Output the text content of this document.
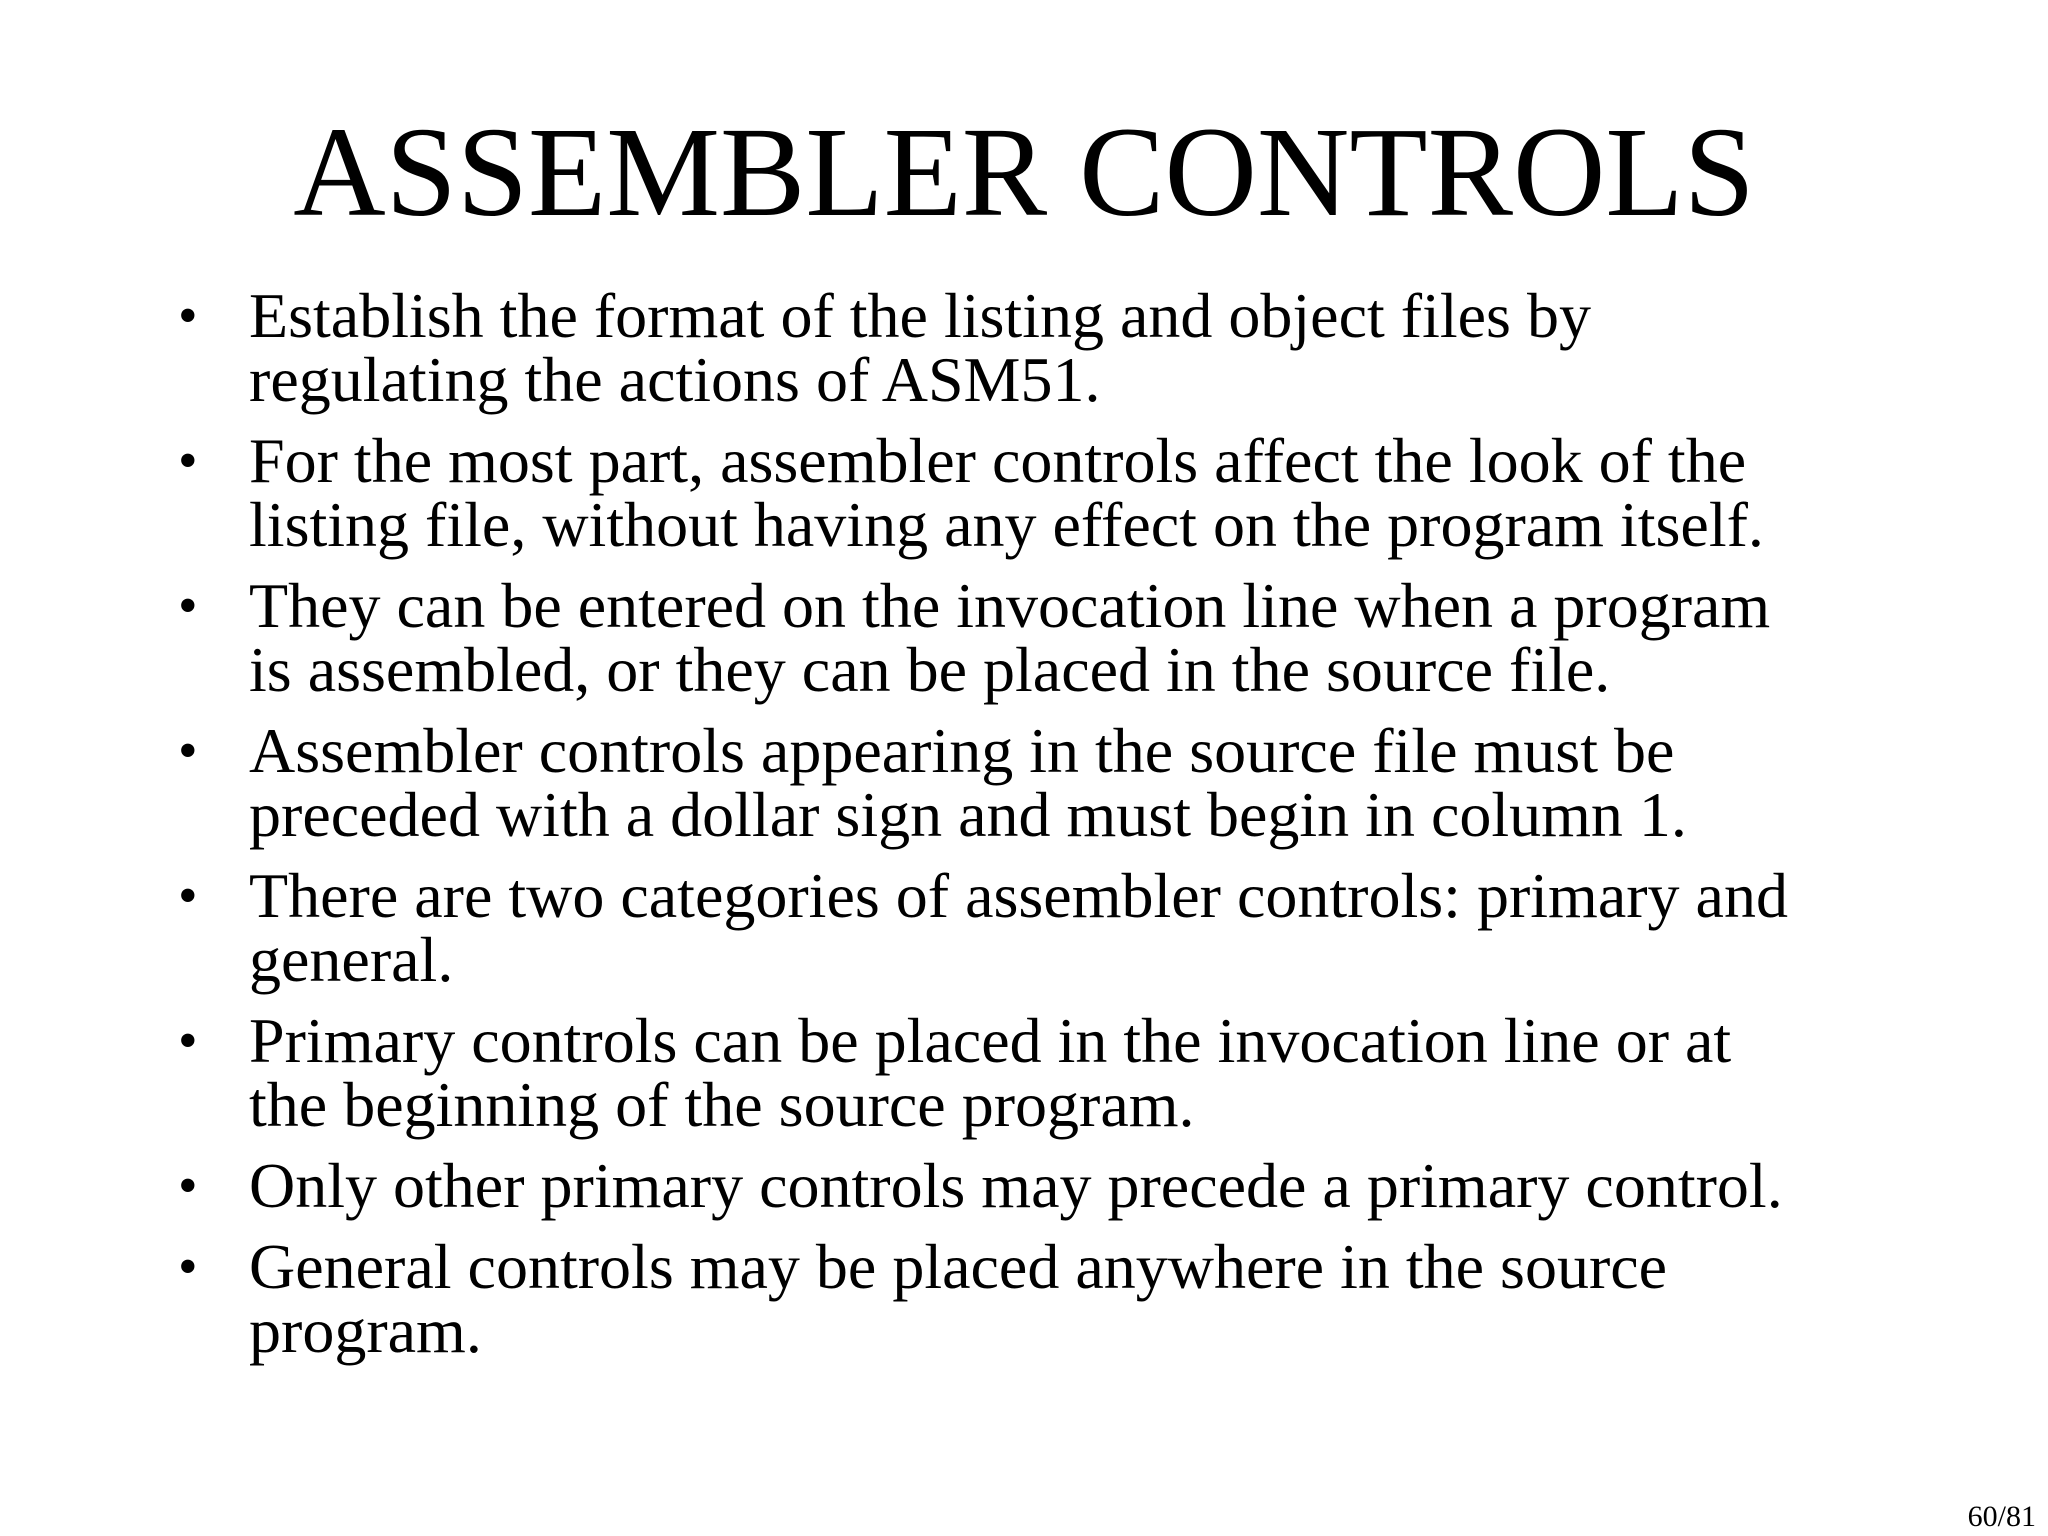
ASSEMBLER CONTROLS
• Establish the format of the listing and object files by
regulating the actions of ASM51.
• For the most part, assembler controls affect the look of the
listing file, without having any effect on the program itself.
• They can be entered on the invocation line when a program
is assembled, or they can be placed in the source file.
• Assembler controls appearing in the source file must be
preceded with a dollar sign and must begin in column 1.
• There are two categories of assembler controls: primary and
general.
• Primary controls can be placed in the invocation line or at
the beginning of the source program.
• Only other primary controls may precede a primary control.
• General controls may be placed anywhere in the source
program.
60/81
